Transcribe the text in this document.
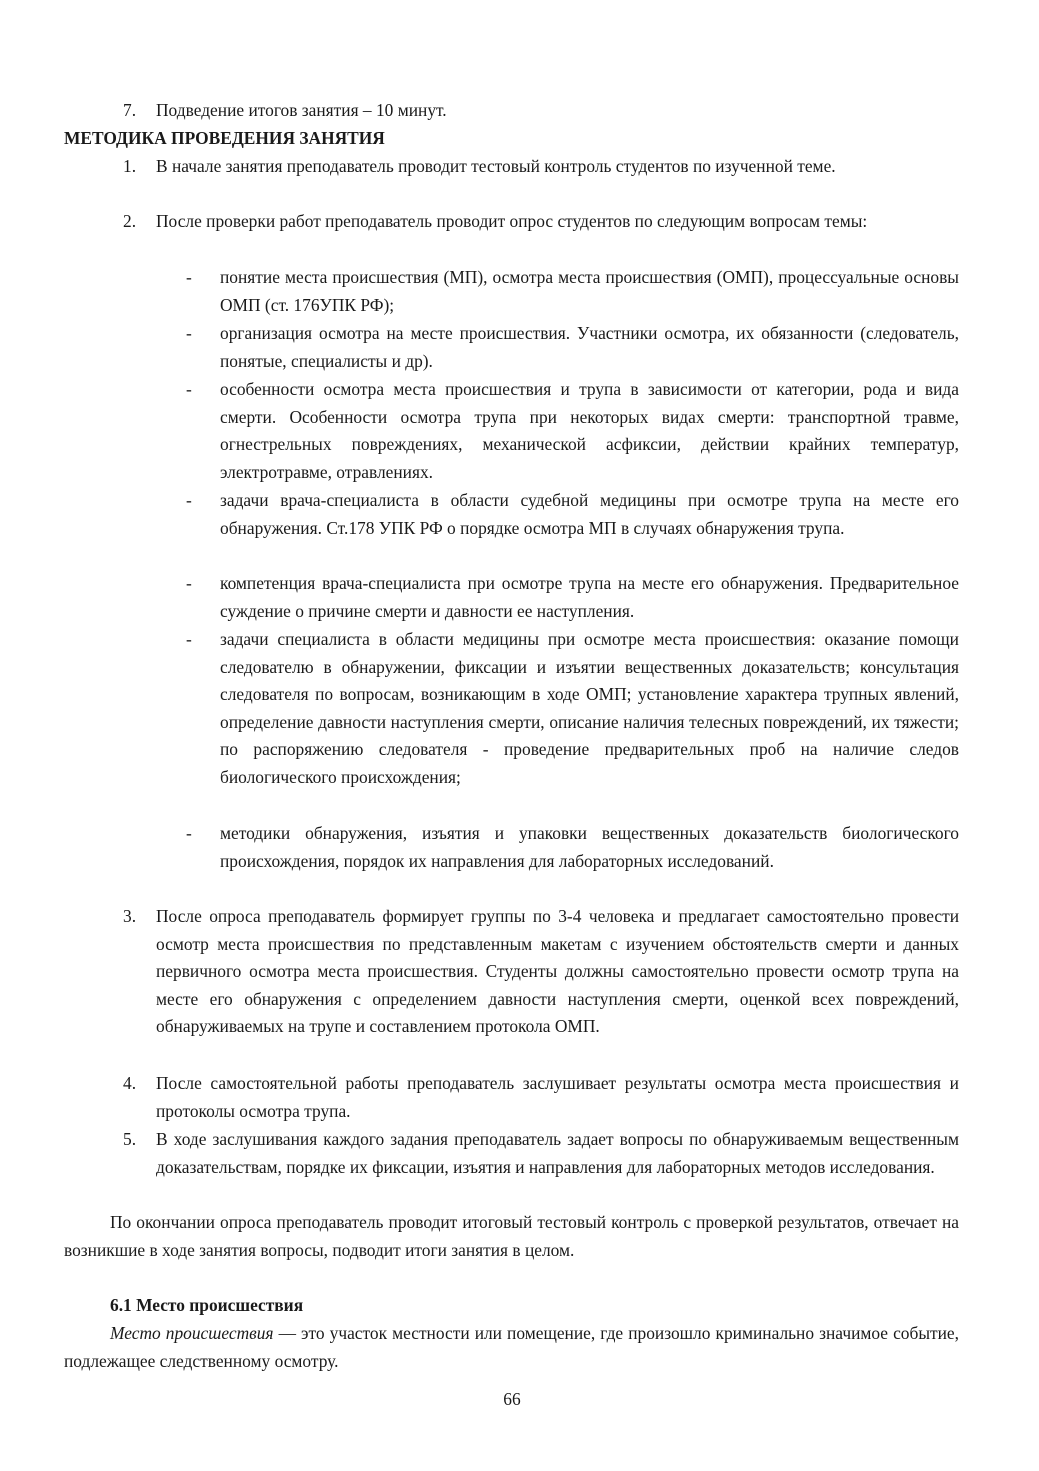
7. Подведение итогов занятия – 10 минут.
МЕТОДИКА ПРОВЕДЕНИЯ ЗАНЯТИЯ
1. В начале занятия преподаватель проводит тестовый контроль студентов по изученной теме.
2. После проверки работ преподаватель проводит опрос студентов по следующим вопросам темы:
- понятие места происшествия (МП), осмотра места происшествия (ОМП), процессуальные основы ОМП (ст. 176УПК РФ);
- организация осмотра на месте происшествия. Участники осмотра, их обязанности (следователь, понятые, специалисты и др).
- особенности осмотра места происшествия и трупа в зависимости от категории, рода и вида смерти. Особенности осмотра трупа при некоторых видах смерти: транспортной травме, огнестрельных повреждениях, механической асфиксии, действии крайних температур, электротравме, отравлениях.
- задачи врача-специалиста в области судебной медицины при осмотре трупа на месте его обнаружения. Ст.178 УПК РФ о порядке осмотра МП в случаях обнаружения трупа.
- компетенция врача-специалиста при осмотре трупа на месте его обнаружения. Предварительное суждение о причине смерти и давности ее наступления.
- задачи специалиста в области медицины при осмотре места происшествия: оказание помощи следователю в обнаружении, фиксации и изъятии вещественных доказательств; консультация следователя по вопросам, возникающим в ходе ОМП; установление характера трупных явлений, определение давности наступления смерти, описание наличия телесных повреждений, их тяжести; по распоряжению следователя - проведение предварительных проб на наличие следов биологического происхождения;
- методики обнаружения, изъятия и упаковки вещественных доказательств биологического происхождения, порядок их направления для лабораторных исследований.
3. После опроса преподаватель формирует группы по 3-4 человека и предлагает самостоятельно провести осмотр места происшествия по представленным макетам с изучением обстоятельств смерти и данных первичного осмотра места происшествия. Студенты должны самостоятельно провести осмотр трупа на месте его обнаружения с определением давности наступления смерти, оценкой всех повреждений, обнаруживаемых на трупе и составлением протокола ОМП.
4. После самостоятельной работы преподаватель заслушивает результаты осмотра места происшествия и протоколы осмотра трупа.
5. В ходе заслушивания каждого задания преподаватель задает вопросы по обнаруживаемым вещественным доказательствам, порядке их фиксации, изъятия и направления для лабораторных методов исследования.
По окончании опроса преподаватель проводит итоговый тестовый контроль с проверкой результатов, отвечает на возникшие в ходе занятия вопросы, подводит итоги занятия в целом.
6.1 Место происшествия
Место происшествия — это участок местности или помещение, где произошло криминально значимое событие, подлежащее следственному осмотру.
66
